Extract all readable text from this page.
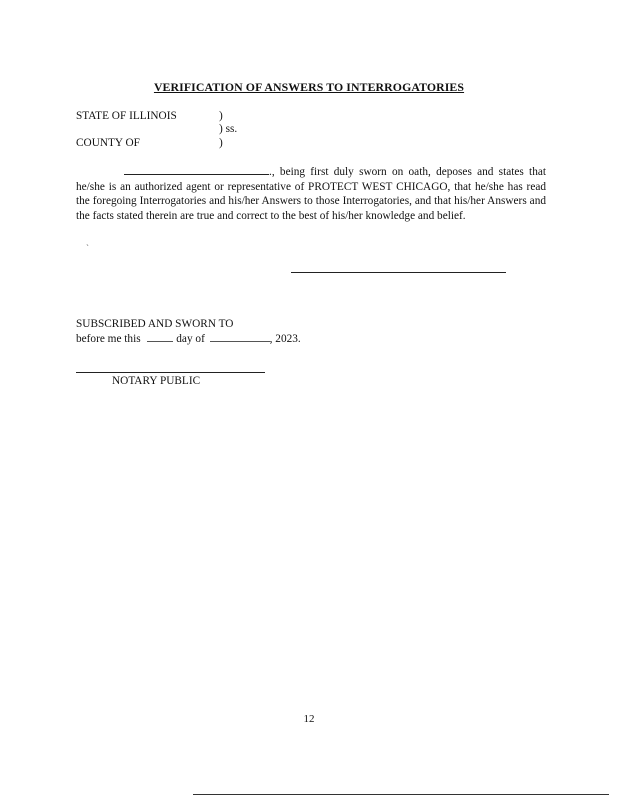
VERIFICATION OF ANSWERS TO INTERROGATORIES
STATE OF ILLINOIS	)
) ss.
COUNTY OF	)
., being first duly sworn on oath, deposes and states that he/she is an authorized agent or representative of PROTECT WEST CHICAGO, that he/she has read the foregoing Interrogatories and his/her Answers to those Interrogatories, and that his/her Answers and the facts stated therein are true and correct to the best of his/her knowledge and belief.
ˏ
SUBSCRIBED AND SWORN TO
before me this	day of	, 2023.
NOTARY PUBLIC
12
